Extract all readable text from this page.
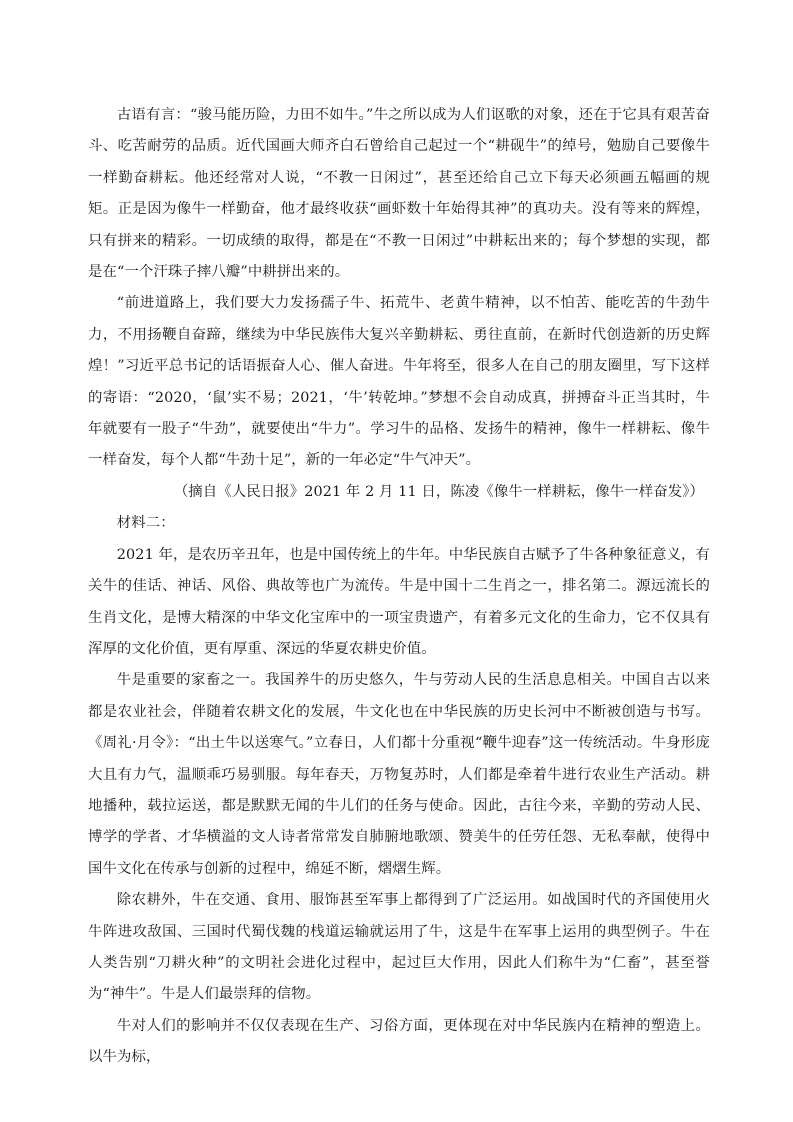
古语有言：“骏马能历险，力田不如牛。”牛之所以成为人们讴歌的对象，还在于它具有艰苦奋斗、吃苦耐劳的品质。近代国画大师齐白石曾给自己起过一个“耕砚牛”的绰号，勉励自己要像牛一样勤奋耕耘。他还经常对人说，“不教一日闲过”，甚至还给自己立下每天必须画五幅画的规矩。正是因为像牛一样勤奋，他才最终收获“画虾数十年始得其神”的真功夫。没有等来的辉煌，只有拼来的精彩。一切成绩的取得，都是在“不教一日闲过”中耕耘出来的；每个梦想的实现，都是在“一个汗珠子摔八瓣”中耕拼出来的。

“前进道路上，我们要大力发扬孺子牛、拓荒牛、老黄牛精神，以不怕苦、能吃苦的牛劲牛力，不用扬鞭自奋蹄，继续为中华民族伟大复兴辛勤耕耘、勇往直前，在新时代创造新的历史辉煌！”习近平总书记的话语振奋人心、催人奋进。牛年将至，很多人在自己的朋友圈里，写下这样的寄语：“2020，‘鼠’实不易；2021，‘牛’转乾坤。”梦想不会自动成真，拼搏奋斗正当其时，牛年就要有一股子“牛劲”，就要使出“牛力”。学习牛的品格、发扬牛的精神，像牛一样耕耘、像牛一样奋发，每个人都“牛劲十足”，新的一年必定“牛气冲天”。

（摘自《人民日报》2021 年 2 月 11 日，陈凌《像牛一样耕耘，像牛一样奋发》）

材料二：

2021 年，是农历辛丑年，也是中国传统上的牛年。中华民族自古赋予了牛各种象征意义，有关牛的佳话、神话、风俗、典故等也广为流传。牛是中国十二生肖之一，排名第二。源远流长的生肖文化，是博大精深的中华文化宝库中的一项宝贵遗产，有着多元文化的生命力，它不仅具有浑厚的文化价值，更有厚重、深远的华夏农耕史价值。

牛是重要的家畜之一。我国养牛的历史悠久，牛与劳动人民的生活息息相关。中国自古以来都是农业社会，伴随着农耕文化的发展，牛文化也在中华民族的历史长河中不断被创造与书写。《周礼·月令》：“出土牛以送寒气。”立春日，人们都十分重视“鞭牛迎春”这一传统活动。牛身形庞大且有力气，温顺乖巧易驯服。每年春天，万物复苏时，人们都是牵着牛进行农业生产活动。耕地播种，载拉运送，都是默默无闻的牛儿们的任务与使命。因此，古往今来，辛勤的劳动人民、博学的学者、才华横溢的文人诗者常常发自肺腑地歌颂、赞美牛的任劳任怨、无私奉献，使得中国牛文化在传承与创新的过程中，绵延不断，熠熠生辉。

除农耕外，牛在交通、食用、服饰甚至军事上都得到了广泛运用。如战国时代的齐国使用火牛阵进攻敌国、三国时代蜀伐魏的栈道运输就运用了牛，这是牛在军事上运用的典型例子。牛在人类告别“刀耕火种”的文明社会进化过程中，起过巨大作用，因此人们称牛为“仁畜”，甚至誉为“神牛”。牛是人们最崇拜的信物。

牛对人们的影响并不仅仅表现在生产、习俗方面，更体现在对中华民族内在精神的塑造上。以牛为标，
